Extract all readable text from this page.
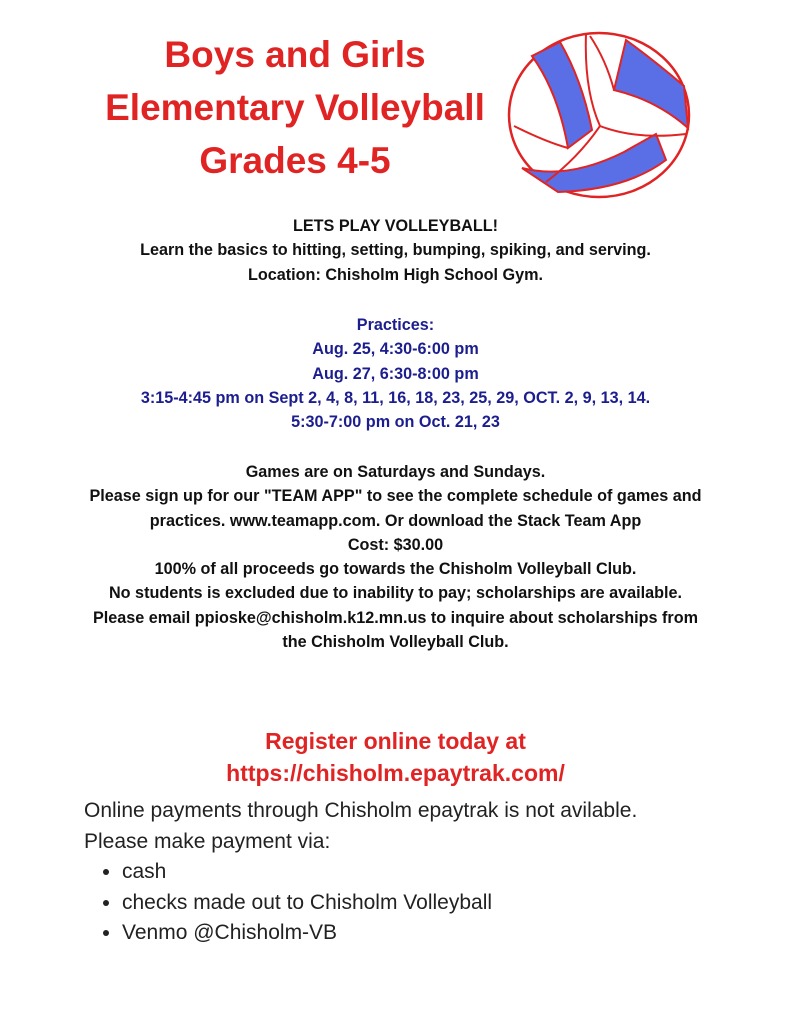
Boys and Girls
Elementary Volleyball
Grades 4-5

LETS PLAY VOLLEYBALL!

Learn the basics to hitting, setting, bumping, spiking, and serving.

Location: Chisholm High School Gym.

Practices:

Aug. 25, 4:30-6:00 pm

Aug. 27, 6:30-8:00 pm

3:15-4:45 pm on Sept 2, 4, 8, 11, 16, 18, 23, 25, 29, OCT. 2, 9, 13, 14.

5:30-7:00 pm on Oct. 21, 23

Games are on Saturdays and Sundays.

Please sign up for our "TEAM APP" to see the complete schedule of games and practices. www.teamapp.com. Or download the Stack Team App

Cost: $30.00

100% of all proceeds go towards the Chisholm Volleyball Club.

No students is excluded due to inability to pay; scholarships are available. Please email ppioske@chisholm.k12.mn.us to inquire about scholarships from the Chisholm Volleyball Club.

Register online today at
https://chisholm.epaytrak.com/

Online payments through Chisholm epaytrak is not avilable.

Please make payment via:

• cash
• checks made out to Chisholm Volleyball
• Venmo @Chisholm-VB
